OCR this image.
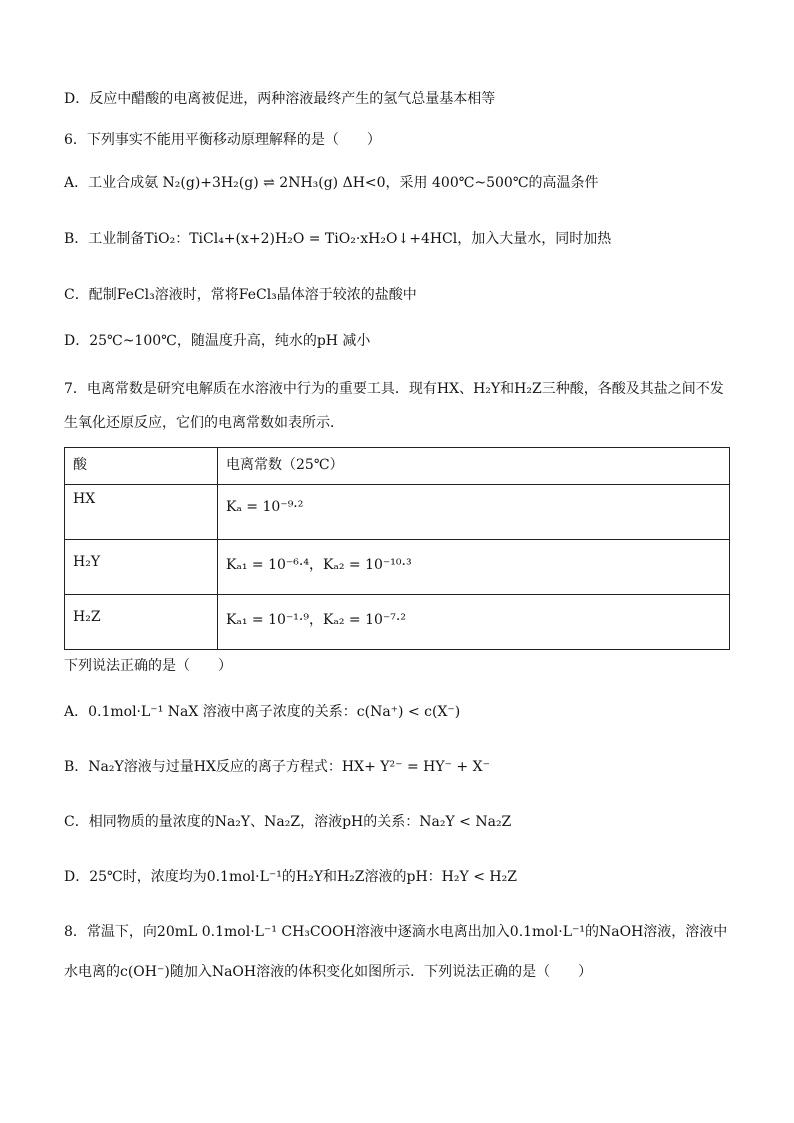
D．反应中醋酸的电离被促进，两种溶液最终产生的氢气总量基本相等
6．下列事实不能用平衡移动原理解释的是（　　）
A．工业合成氨 N₂(g)+3H₂(g) ⇌ 2NH₃(g) ΔH<0，采用 400℃~500℃的高温条件
B．工业制备TiO₂：TiCl₄+(x+2)H₂O = TiO₂·xH₂O↓+4HCl，加入大量水，同时加热
C．配制FeCl₃溶液时，常将FeCl₃晶体溶于较浓的盐酸中
D．25℃~100℃，随温度升高，纯水的pH 减小
7．电离常数是研究电解质在水溶液中行为的重要工具．现有HX、H₂Y和H₂Z三种酸，各酸及其盐之间不发
生氧化还原反应，它们的电离常数如表所示．
酸	电离常数（25℃）
HX	Kₐ = 10⁻⁹·²

H₂Y	Kₐ₁ = 10⁻⁶·⁴，Kₐ₂ = 10⁻¹⁰·³

H₂Z	Kₐ₁ = 10⁻¹·⁹，Kₐ₂ = 10⁻⁷·²
下列说法正确的是（　　）
A．0.1mol·L⁻¹ NaX 溶液中离子浓度的关系：c(Na⁺) < c(X⁻)
B．Na₂Y溶液与过量HX反应的离子方程式：HX+ Y²⁻ = HY⁻ + X⁻
C．相同物质的量浓度的Na₂Y、Na₂Z，溶液pH的关系：Na₂Y < Na₂Z
D．25℃时，浓度均为0.1mol·L⁻¹的H₂Y和H₂Z溶液的pH：H₂Y < H₂Z
8．常温下，向20mL 0.1mol·L⁻¹ CH₃COOH溶液中逐滴水电离出加入0.1mol·L⁻¹的NaOH溶液，溶液中
水电离的c(OH⁻)随加入NaOH溶液的体积变化如图所示．下列说法正确的是（　　）
